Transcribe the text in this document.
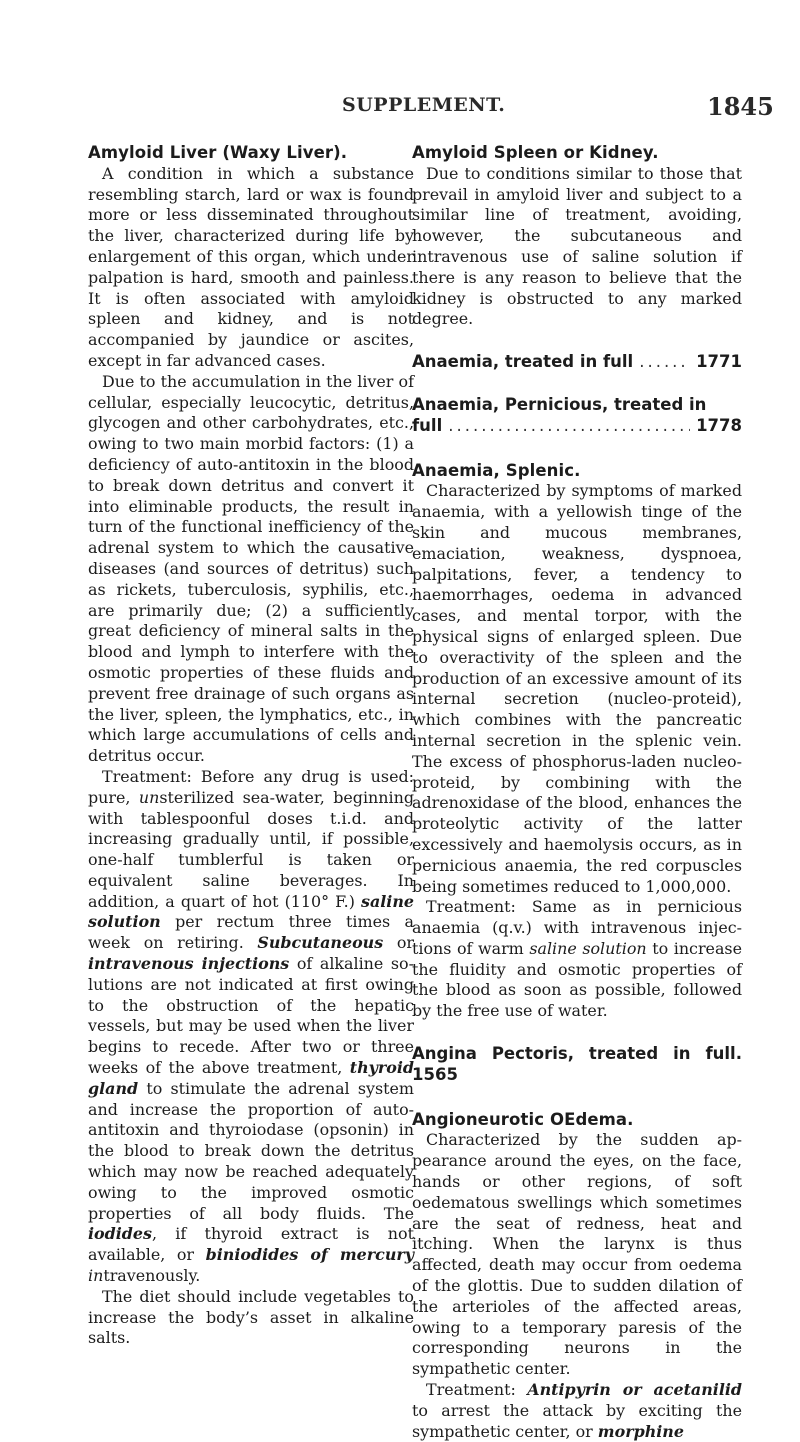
SUPPLEMENT.	1845
Amyloid Liver (Waxy Liver).

A condition in which a substance resembling starch, lard or wax is found more or less disseminated throughout the liver, characterized during life by enlargement of this organ, which under palpation is hard, smooth and painless. It is often associated with amyloid spleen and kidney, and is not accompanied by jaundice or ascites, except in far advanced cases.

Due to the accumulation in the liver of cellular, especially leucocytic, detritus, glycogen and other carbohydrates, etc., owing to two main morbid factors: (1) a deficiency of auto-antitoxin in the blood to break down detritus and convert it into eliminable products, the result in turn of the functional inefficiency of the adrenal system to which the causative diseases (and sources of detritus) such as rickets, tuberculosis, syphilis, etc., are primarily due; (2) a sufficiently great deficiency of mineral salts in the blood and lymph to interfere with the osmotic properties of these fluids and prevent free drainage of such organs as the liver, spleen, the lymphatics, etc., in which large accumulations of cells and detritus occur.

Treatment: Before any drug is used: pure, unsterilized sea-water, beginning with tablespoonful doses t.i.d. and increasing gradually until, if possible, one-half tumblerful is taken or equivalent saline beverages. In addition, a quart of hot (110° F.) saline solution per rectum three times a week on retiring. Subcutaneous or intravenous injections of alkaline solutions are not indicated at first owing to the obstruction of the hepatic vessels, but may be used when the liver begins to recede. After two or three weeks of the above treatment, thyroid gland to stimulate the adrenal system and increase the proportion of auto-antitoxin and thyroiodase (opsonin) in the blood to break down the detritus which may now be reached adequately owing to the improved osmotic properties of all body fluids. The iodides, if thyroid extract is not available, or biniodides of mercury intravenously.

The diet should include vegetables to increase the body’s asset in alkaline salts.

Amyloid Spleen or Kidney.

Due to conditions similar to those that prevail in amyloid liver and subject to a similar line of treatment, avoiding, however, the subcutaneous and intravenous use of saline solution if there is any reason to believe that the kidney is obstructed to any marked degree.

Anaemia, treated in full .....	1771
Anaemia, Pernicious, treated in
full .....	1778
Anaemia, Splenic.

Characterized by symptoms of marked anaemia, with a yellowish tinge of the skin and mucous membranes, emaciation, weakness, dyspnoea, palpitations, fever, a tendency to haemorrhages, oedema in advanced cases, and mental torpor, with the physical signs of enlarged spleen. Due to overactivity of the spleen and the production of an excessive amount of its internal secretion (nucleo-proteid), which combines with the pancreatic internal secretion in the splenic vein. The excess of phosphorus-laden nucleo-proteid, by combining with the adrenoxidase of the blood, enhances the proteolytic activity of the latter excessively and haemolysis occurs, as in pernicious anaemia, the red corpuscles being sometimes reduced to 1,000,000.

Treatment: Same as in pernicious anaemia (q.v.) with intravenous injections of warm saline solution to increase the fluidity and osmotic properties of the blood as soon as possible, followed by the free use of water.

Angina Pectoris, treated in full. 1565
Angioneurotic OEdema.

Characterized by the sudden appearance around the eyes, on the face, hands or other regions, of soft oedematous swellings which sometimes are the seat of redness, heat and itching. When the larynx is thus affected, death may occur from oedema of the glottis. Due to sudden dilation of the arterioles of the affected areas, owing to a temporary paresis of the corresponding neurons in the sympathetic center.

Treatment: Antipyrin or acetanilid to arrest the attack by exciting the sympathetic center, or morphine
